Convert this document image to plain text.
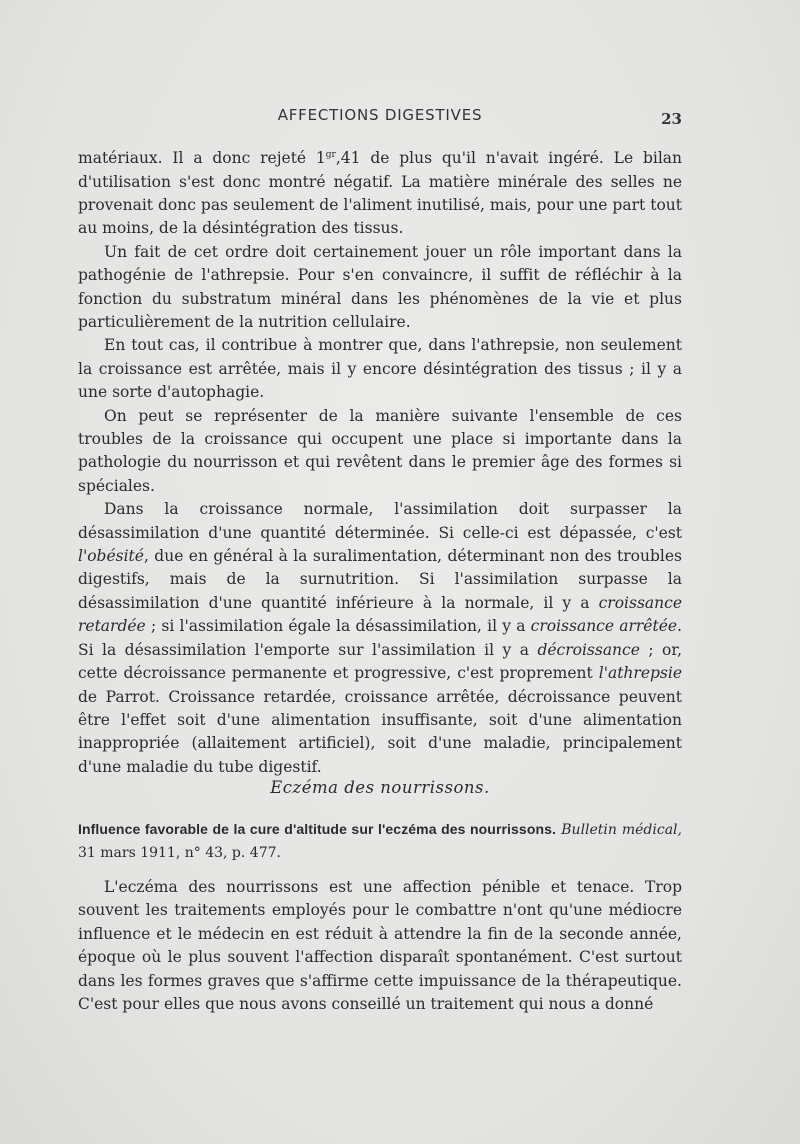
AFFECTIONS DIGESTIVES	23

matériaux. Il a donc rejeté $1^{gr},41$ de plus qu'il n'avait ingéré. Le bilan d'utilisation s'est donc montré négatif. La matière minérale des selles ne provenait donc pas seulement de l'aliment inutilisé, mais, pour une part tout au moins, de la désintégration des tissus.

Un fait de cet ordre doit certainement jouer un rôle important dans la pathogénie de l'athrepsie. Pour s'en convaincre, il suffit de réfléchir à la fonction du substratum minéral dans les phénomènes de la vie et plus particulièrement de la nutrition cellulaire.

En tout cas, il contribue à montrer que, dans l'athrepsie, non seulement la croissance est arrêtée, mais il y encore désintégration des tissus ; il y a une sorte d'autophagie.

On peut se représenter de la manière suivante l'ensemble de ces troubles de la croissance qui occupent une place si importante dans la pathologie du nourrisson et qui revêtent dans le premier âge des formes si spéciales.

Dans la croissance normale, l'assimilation doit surpasser la désassimilation d'une quantité déterminée. Si celle-ci est dépassée, c'est l'obésité, due en général à la suralimentation, déterminant non des troubles digestifs, mais de la surnutrition. Si l'assimilation surpasse la désassimilation d'une quantité inférieure à la normale, il y a croissance retardée ; si l'assimilation égale la désassimilation, il y a croissance arrêtée. Si la désassimilation l'emporte sur l'assimilation il y a décroissance ; or, cette décroissance permanente et progressive, c'est proprement l'athrepsie de Parrot. Croissance retardée, croissance arrêtée, décroissance peuvent être l'effet soit d'une alimentation insuffisante, soit d'une alimentation inappropriée (allaitement artificiel), soit d'une maladie, principalement d'une maladie du tube digestif.

Eczéma des nourrissons.
Influence favorable de la cure d'altitude sur l'eczéma des nourrissons. Bulletin médical, 31 mars 1911, n° 43, p. 477.

L'eczéma des nourrissons est une affection pénible et tenace. Trop souvent les traitements employés pour le combattre n'ont qu'une médiocre influence et le médecin en est réduit à attendre la fin de la seconde année, époque où le plus souvent l'affection disparaît spontanément. C'est surtout dans les formes graves que s'affirme cette impuissance de la thérapeutique. C'est pour elles que nous avons conseillé un traitement qui nous a donné
